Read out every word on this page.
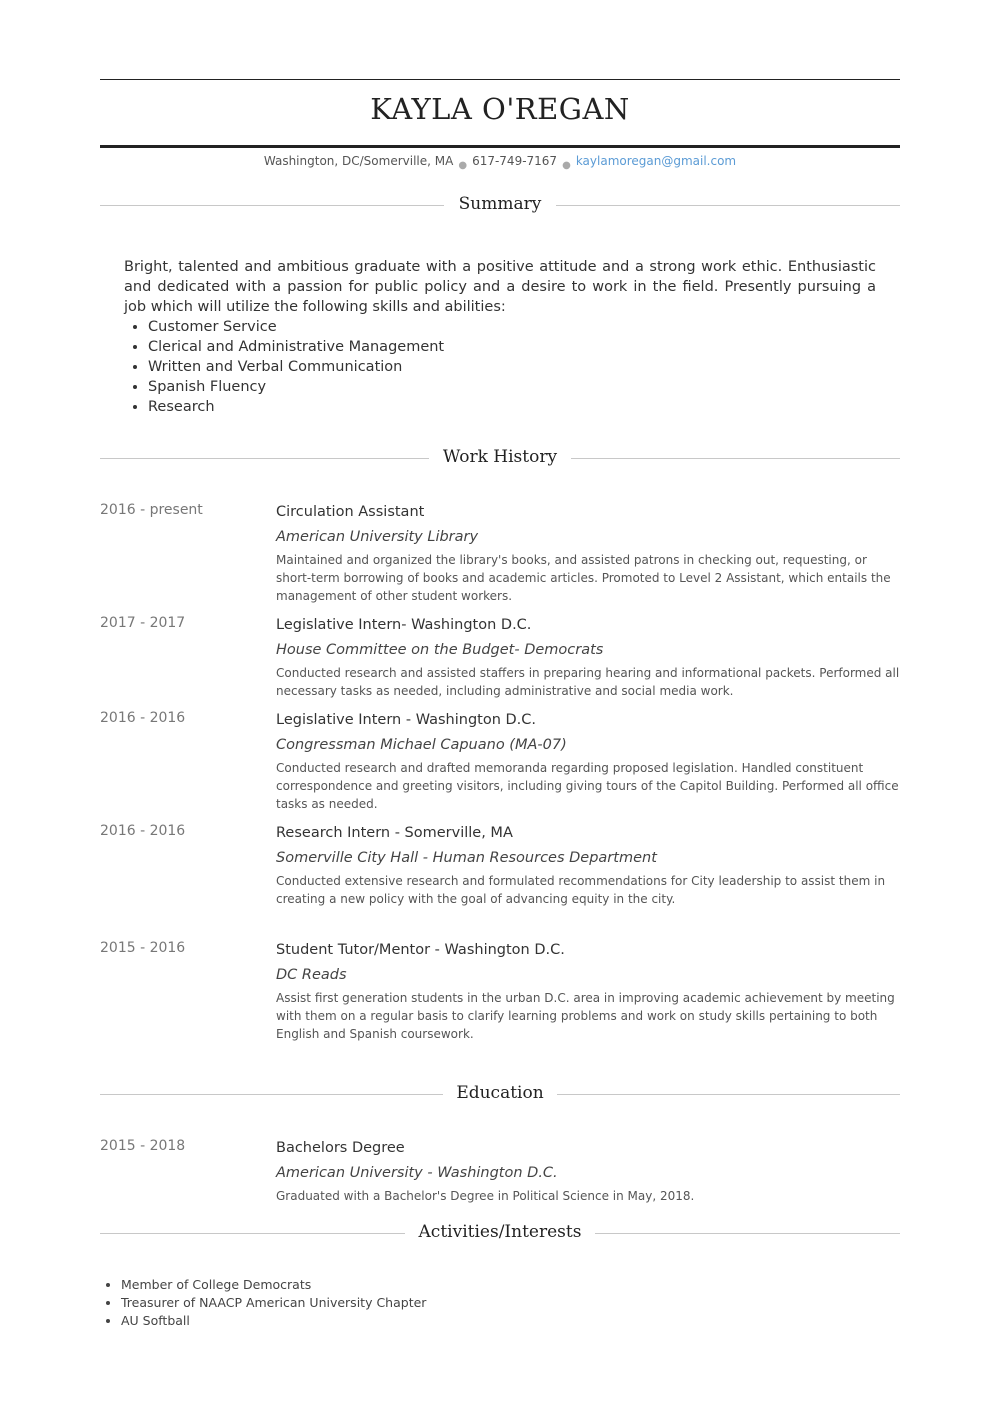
KAYLA O'REGAN
Washington, DC/Somerville, MA $_●$ 617-749-7167 $_●$ kaylamoregan@gmail.com
Summary
Bright, talented and ambitious graduate with a positive attitude and a strong work ethic. Enthusiastic and dedicated with a passion for public policy and a desire to work in the field. Presently pursuing a job which will utilize the following skills and abilities:
• Customer Service
• Clerical and Administrative Management
• Written and Verbal Communication
• Spanish Fluency
• Research
Work History
2016 - present	Circulation Assistant
American University Library
Maintained and organized the library's books, and assisted patrons in checking out, requesting, or short-term borrowing of books and academic articles. Promoted to Level 2 Assistant, which entails the management of other student workers.
2017 - 2017	Legislative Intern- Washington D.C.
House Committee on the Budget- Democrats
Conducted research and assisted staffers in preparing hearing and informational packets. Performed all necessary tasks as needed, including administrative and social media work.
2016 - 2016	Legislative Intern - Washington D.C.
Congressman Michael Capuano (MA-07)
Conducted research and drafted memoranda regarding proposed legislation. Handled constituent correspondence and greeting visitors, including giving tours of the Capitol Building. Performed all office tasks as needed.
2016 - 2016	Research Intern - Somerville, MA
Somerville City Hall - Human Resources Department
Conducted extensive research and formulated recommendations for City leadership to assist them in creating a new policy with the goal of advancing equity in the city.
2015 - 2016	Student Tutor/Mentor - Washington D.C.
DC Reads
Assist first generation students in the urban D.C. area in improving academic achievement by meeting with them on a regular basis to clarify learning problems and work on study skills pertaining to both English and Spanish coursework.
Education
2015 - 2018	Bachelors Degree
American University - Washington D.C.
Graduated with a Bachelor's Degree in Political Science in May, 2018.
Activities/Interests
• Member of College Democrats
• Treasurer of NAACP American University Chapter
• AU Softball
